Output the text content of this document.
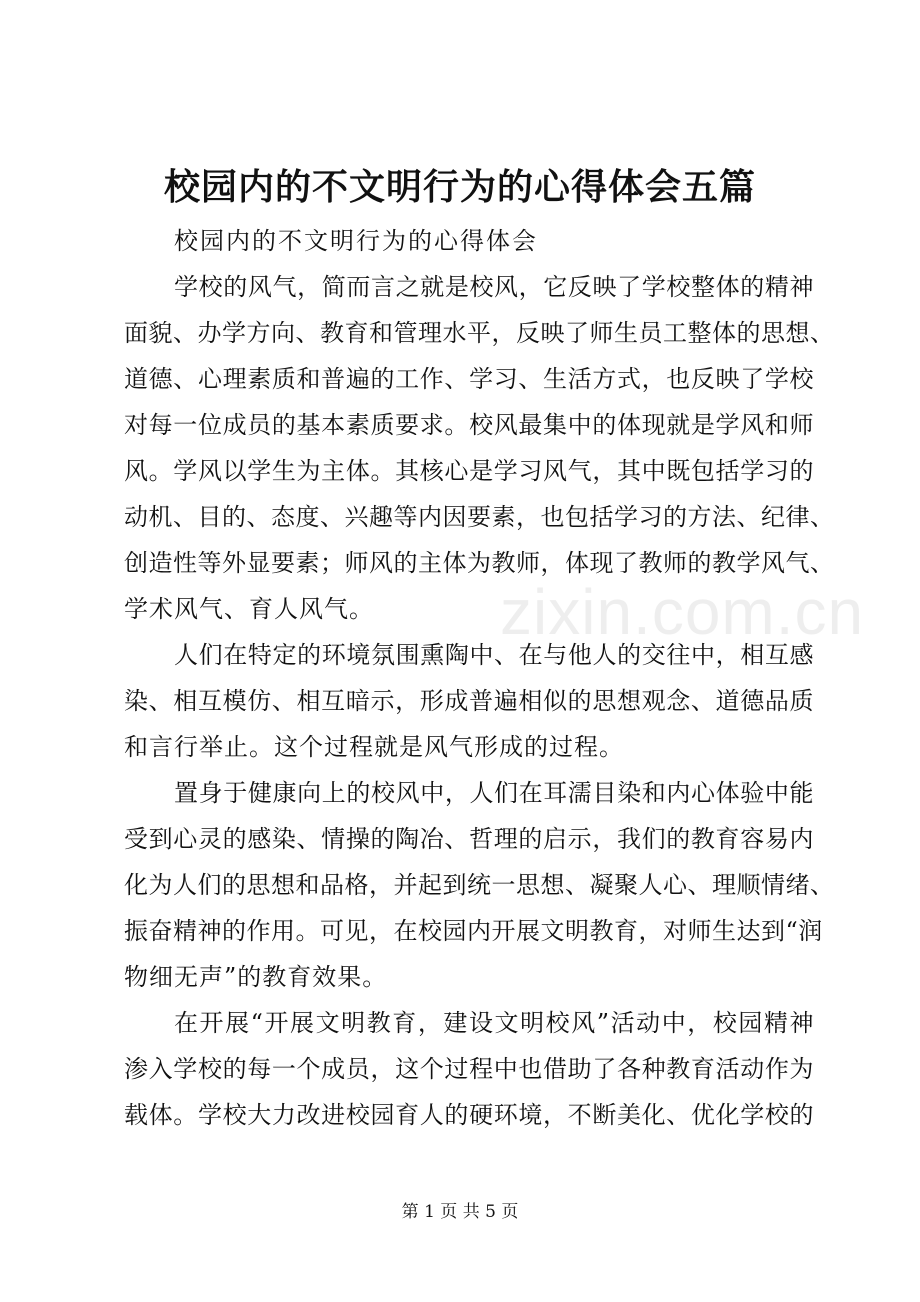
校园内的不文明行为的心得体会五篇

校园内的不文明行为的心得体会

学校的风气，简而言之就是校风，它反映了学校整体的精神
面貌、办学方向、教育和管理水平，反映了师生员工整体的思想、
道德、心理素质和普遍的工作、学习、生活方式，也反映了学校
对每一位成员的基本素质要求。校风最集中的体现就是学风和师
风。学风以学生为主体。其核心是学习风气，其中既包括学习的
动机、目的、态度、兴趣等内因要素，也包括学习的方法、纪律、
创造性等外显要素；师风的主体为教师，体现了教师的教学风气、
学术风气、育人风气。
人们在特定的环境氛围熏陶中、在与他人的交往中，相互感
染、相互模仿、相互暗示，形成普遍相似的思想观念、道德品质
和言行举止。这个过程就是风气形成的过程。
置身于健康向上的校风中，人们在耳濡目染和内心体验中能
受到心灵的感染、情操的陶冶、哲理的启示，我们的教育容易内
化为人们的思想和品格，并起到统一思想、凝聚人心、理顺情绪、
振奋精神的作用。可见，在校园内开展文明教育，对师生达到“润
物细无声”的教育效果。
在开展“开展文明教育，建设文明校风”活动中，校园精神
渗入学校的每一个成员，这个过程中也借助了各种教育活动作为
载体。学校大力改进校园育人的硬环境，不断美化、优化学校的
zixin.com.cn
第 1 页 共 5 页
